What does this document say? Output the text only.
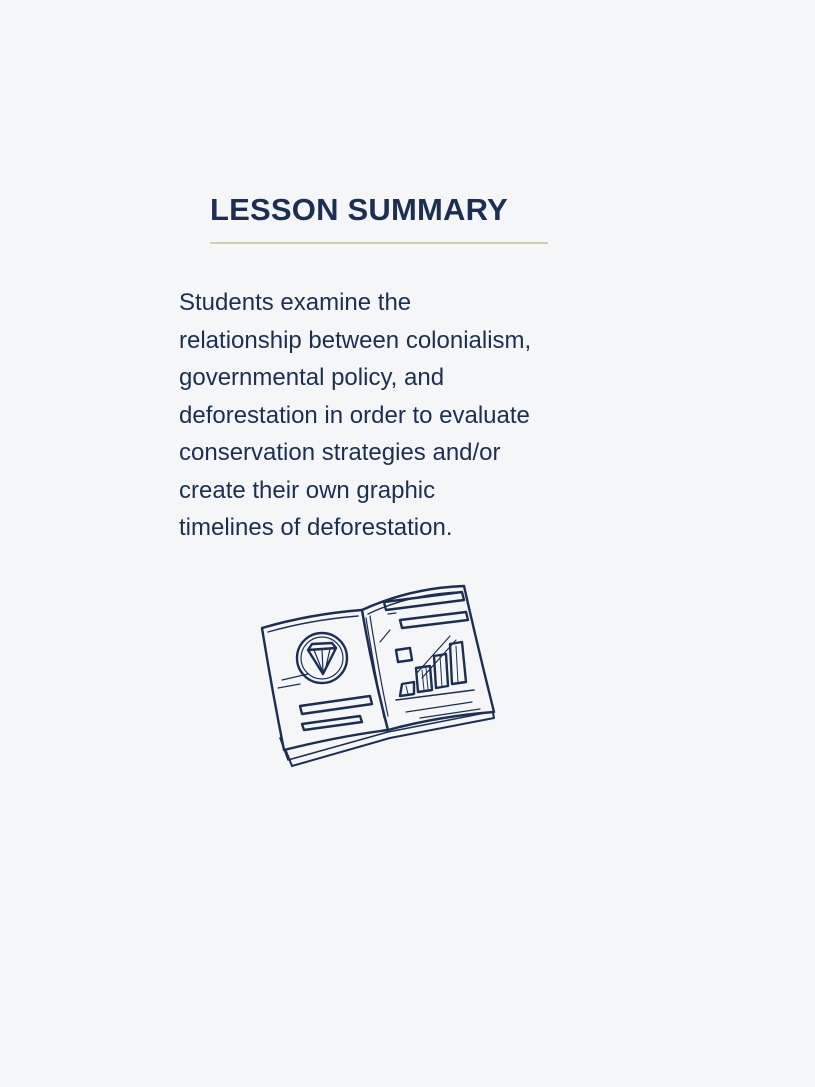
LESSON SUMMARY
Students examine the
relationship between colonialism,
governmental policy, and
deforestation in order to evaluate
conservation strategies and/or
create their own graphic
timelines of deforestation.
